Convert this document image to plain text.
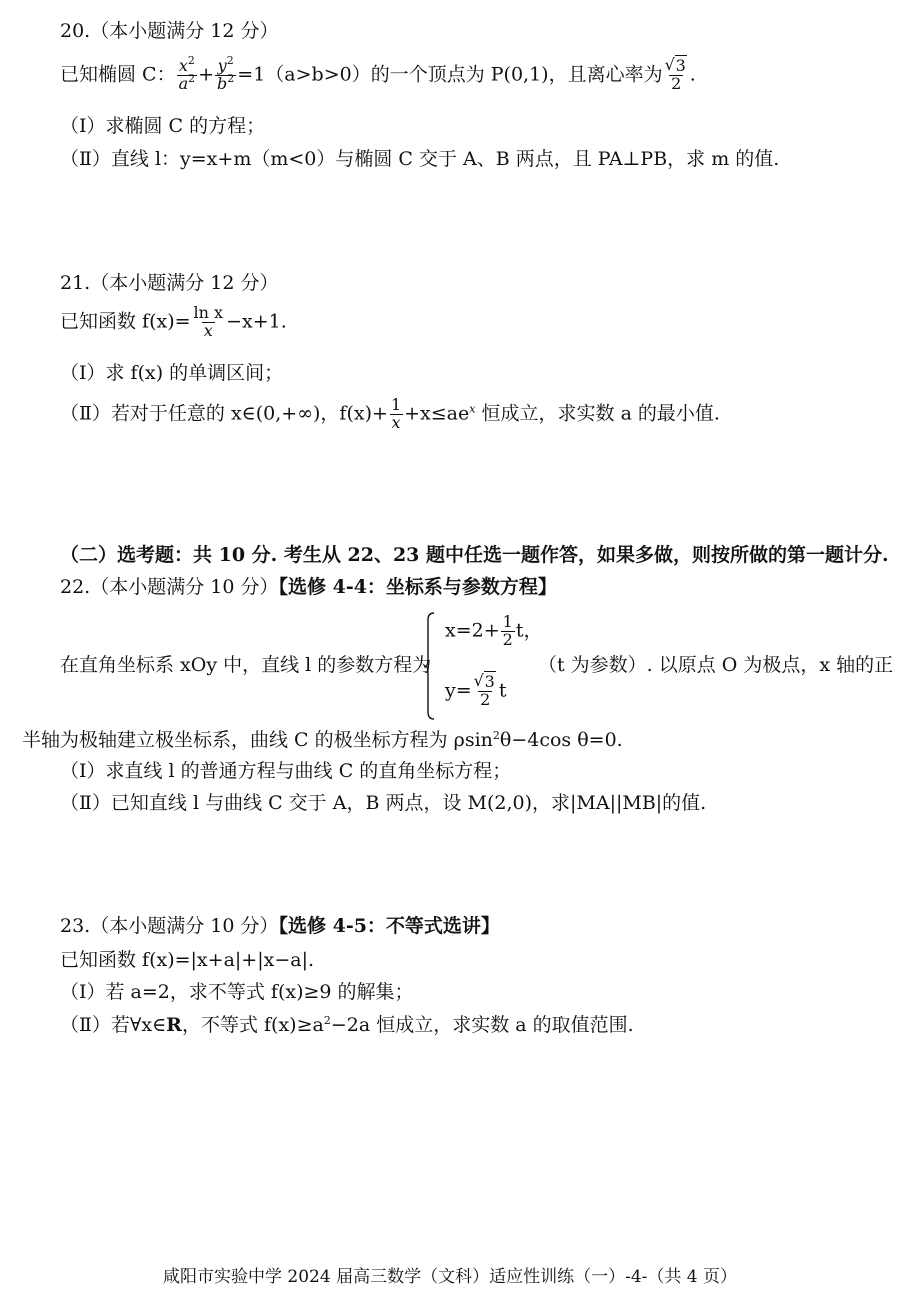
20.（本小题满分 12 分）
已知椭圆 C： $\frac{x^2}{a^2} + \frac{y^2}{b^2} =1(a>b>0)$的一个顶点为 P(0,1)，且离心率为 √ $\frac{3}{2}$ .
（Ⅰ）求椭圆 C 的方程；
（Ⅱ）直线 l：y=x+m（m<0）与椭圆 C 交于 A、B 两点，且 PA⊥PB，求 m 的值.
21.（本小题满分 12 分）
已知函数 $f(x)= \frac{\text{ln x}}{x} -x+1$.
（Ⅰ）求 f(x) 的单调区间；
（Ⅱ）若对于任意的 x∈(0,+∞)，$f(x)+ \frac{1}{x} +x\le ae^x$ 恒成立，求实数 a 的最小值.
（二）选考题：共 10 分. 考生从 22、23 题中任选一题作答，如果多做，则按所做的第一题计分.
22.（本小题满分 10 分）【选修 4-4：坐标系与参数方程】
$x=2+ \frac{1}{2}$ t，
y= √ $\frac{3}{2}$ t
在直角坐标系 xOy 中，直线 l 的参数方程为	（t 为参数）. 以原点 O 为极点，x 轴的正
半轴为极轴建立极坐标系，曲线 C 的极坐标方程为 ρsin$^2$θ−4cos θ=0.
（Ⅰ）求直线 l 的普通方程与曲线 C 的直角坐标方程；
（Ⅱ）已知直线 l 与曲线 C 交于 A，B 两点，设 M(2,0)，求|MA||MB|的值.
23.（本小题满分 10 分）【选修 4-5：不等式选讲】
已知函数 f(x)=|x+a|+|x−a|.
（Ⅰ）若 a=2，求不等式 f(x)≥9 的解集；
（Ⅱ）若∀x∈R，不等式 $f(x)\ge a^2-2a$ 恒成立，求实数 a 的取值范围.
咸阳市实验中学 2024 届高三数学（文科）适应性训练（一）-4-（共 4 页）
